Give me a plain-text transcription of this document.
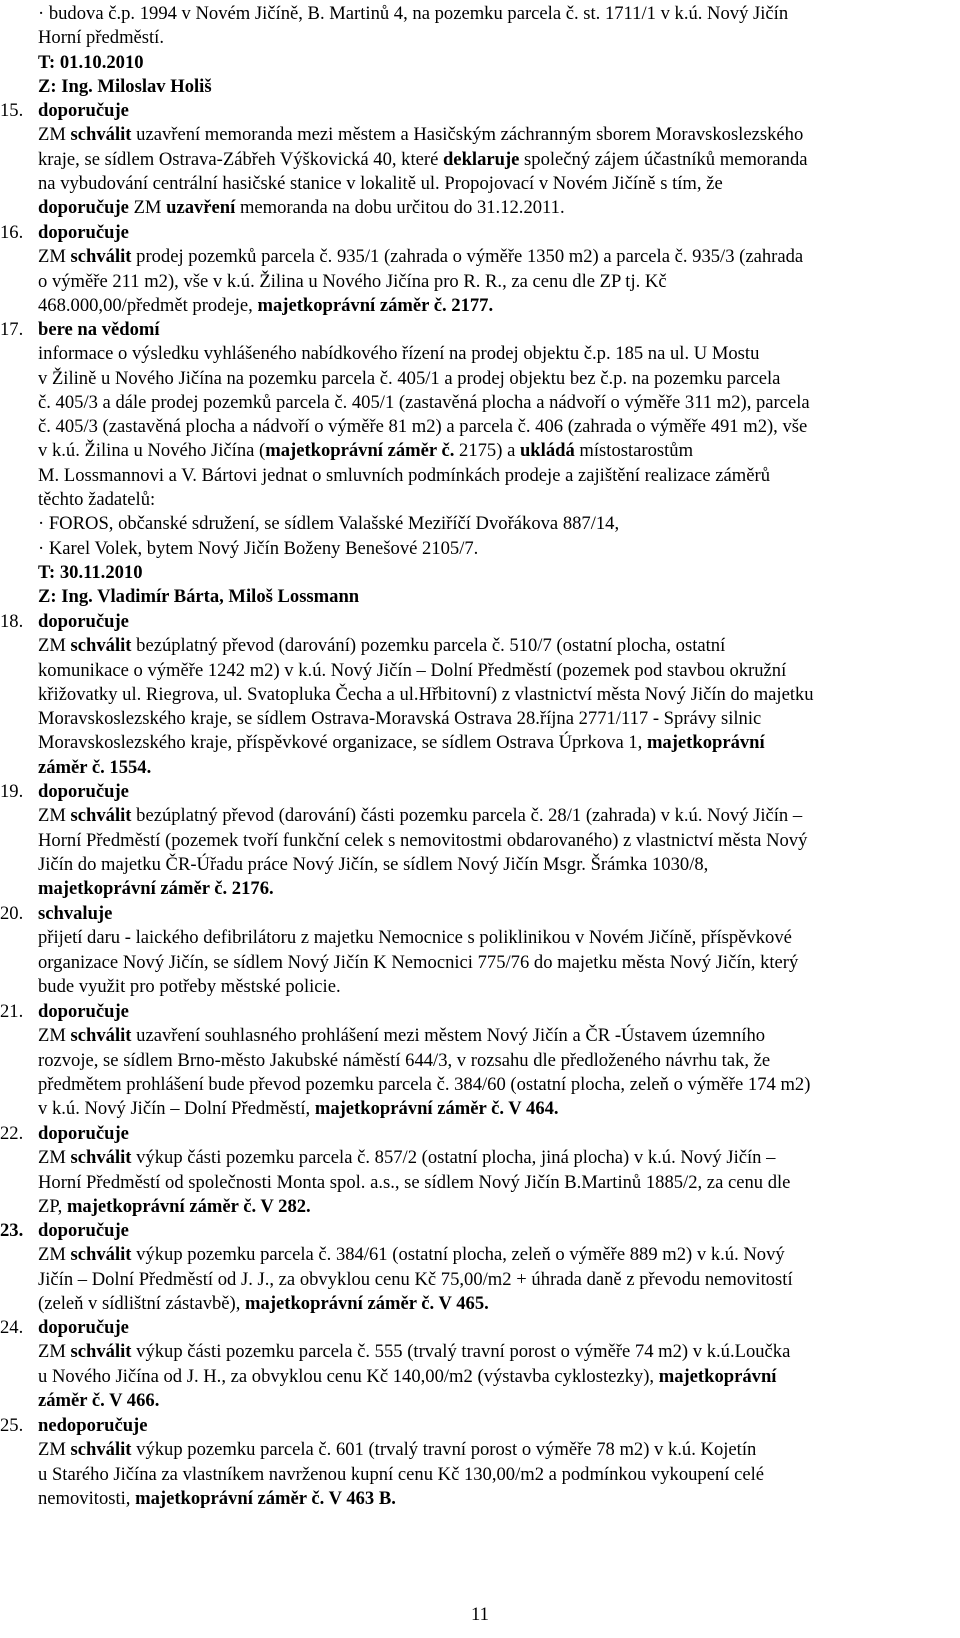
· budova č.p. 1994 v Novém Jičíně, B. Martinů 4, na pozemku parcela č. st. 1711/1 v k.ú. Nový Jičín
Horní předměstí.
T: 01.10.2010
Z: Ing. Miloslav Holiš
15. doporučuje
ZM schválit uzavření memoranda mezi městem a Hasičským záchranným sborem Moravskoslezského
kraje, se sídlem Ostrava-Zábřeh Výškovická 40, které deklaruje společný zájem účastníků memoranda
na vybudování centrální hasičské stanice v lokalitě ul. Propojovací v Novém Jičíně s tím, že
doporučuje ZM uzavření memoranda na dobu určitou do 31.12.2011.
16. doporučuje
ZM schválit prodej pozemků parcela č. 935/1 (zahrada o výměře 1350 m2) a parcela č. 935/3 (zahrada
o výměře 211 m2), vše v k.ú. Žilina u Nového Jičína pro R. R., za cenu dle ZP tj. Kč
468.000,00/předmět prodeje, majetkoprávní záměr č. 2177.
17. bere na vědomí
informace o výsledku vyhlášeného nabídkového řízení na prodej objektu č.p. 185 na ul. U Mostu
v Žilině u Nového Jičína na pozemku parcela č. 405/1 a prodej objektu bez č.p. na pozemku parcela
č. 405/3 a dále prodej pozemků parcela č. 405/1 (zastavěná plocha a nádvoří o výměře 311 m2), parcela
č. 405/3 (zastavěná plocha a nádvoří o výměře 81 m2) a parcela č. 406 (zahrada o výměře 491 m2), vše
v k.ú. Žilina u Nového Jičína (majetkoprávní záměr č. 2175) a ukládá místostarostům
M. Lossmannovi a V. Bártovi jednat o smluvních podmínkách prodeje a zajištění realizace záměrů
těchto žadatelů:
· FOROS, občanské sdružení, se sídlem Valašské Meziříčí Dvořákova 887/14,
· Karel Volek, bytem Nový Jičín Boženy Benešové 2105/7.
T: 30.11.2010
Z: Ing. Vladimír Bárta, Miloš Lossmann
18. doporučuje
ZM schválit bezúplatný převod (darování) pozemku parcela č. 510/7 (ostatní plocha, ostatní
komunikace o výměře 1242 m2) v k.ú. Nový Jičín – Dolní Předměstí (pozemek pod stavbou okružní
křižovatky ul. Riegrova, ul. Svatopluka Čecha a ul.Hřbitovní) z vlastnictví města Nový Jičín do majetku
Moravskoslezského kraje, se sídlem Ostrava-Moravská Ostrava 28.října 2771/117 - Správy silnic
Moravskoslezského kraje, příspěvkové organizace, se sídlem Ostrava Úprkova 1, majetkoprávní
záměr č. 1554.
19. doporučuje
ZM schválit bezúplatný převod (darování) části pozemku parcela č. 28/1 (zahrada) v k.ú. Nový Jičín –
Horní Předměstí (pozemek tvoří funkční celek s nemovitostmi obdarovaného) z vlastnictví města Nový
Jičín do majetku ČR-Úřadu práce Nový Jičín, se sídlem Nový Jičín Msgr. Šrámka 1030/8,
majetkoprávní záměr č. 2176.
20. schvaluje
přijetí daru - laického defibrilátoru z majetku Nemocnice s poliklinikou v Novém Jičíně, příspěvkové
organizace Nový Jičín, se sídlem Nový Jičín K Nemocnici 775/76 do majetku města Nový Jičín, který
bude využit pro potřeby městské policie.
21. doporučuje
ZM schválit uzavření souhlasného prohlášení mezi městem Nový Jičín a ČR -Ústavem územního
rozvoje, se sídlem Brno-město Jakubské náměstí 644/3, v rozsahu dle předloženého návrhu tak, že
předmětem prohlášení bude převod pozemku parcela č. 384/60 (ostatní plocha, zeleň o výměře 174 m2)
v k.ú. Nový Jičín – Dolní Předměstí, majetkoprávní záměr č. V 464.
22. doporučuje
ZM schválit výkup části pozemku parcela č. 857/2 (ostatní plocha, jiná plocha) v k.ú. Nový Jičín –
Horní Předměstí od společnosti Monta spol. a.s., se sídlem Nový Jičín B.Martinů 1885/2, za cenu dle
ZP, majetkoprávní záměr č. V 282.
23. doporučuje
ZM schválit výkup pozemku parcela č. 384/61 (ostatní plocha, zeleň o výměře 889 m2) v k.ú. Nový
Jičín – Dolní Předměstí od J. J., za obvyklou cenu Kč 75,00/m2 + úhrada daně z převodu nemovitostí
(zeleň v sídlištní zástavbě), majetkoprávní záměr č. V 465.
24. doporučuje
ZM schválit výkup části pozemku parcela č. 555 (trvalý travní porost o výměře 74 m2) v k.ú.Loučka
u Nového Jičína od J. H., za obvyklou cenu Kč 140,00/m2 (výstavba cyklostezky), majetkoprávní
záměr č. V 466.
25. nedoporučuje
ZM schválit výkup pozemku parcela č. 601 (trvalý travní porost o výměře 78 m2) v k.ú. Kojetín
u Starého Jičína za vlastníkem navrženou kupní cenu Kč 130,00/m2 a podmínkou vykoupení celé
nemovitosti, majetkoprávní záměr č. V 463 B.
11
